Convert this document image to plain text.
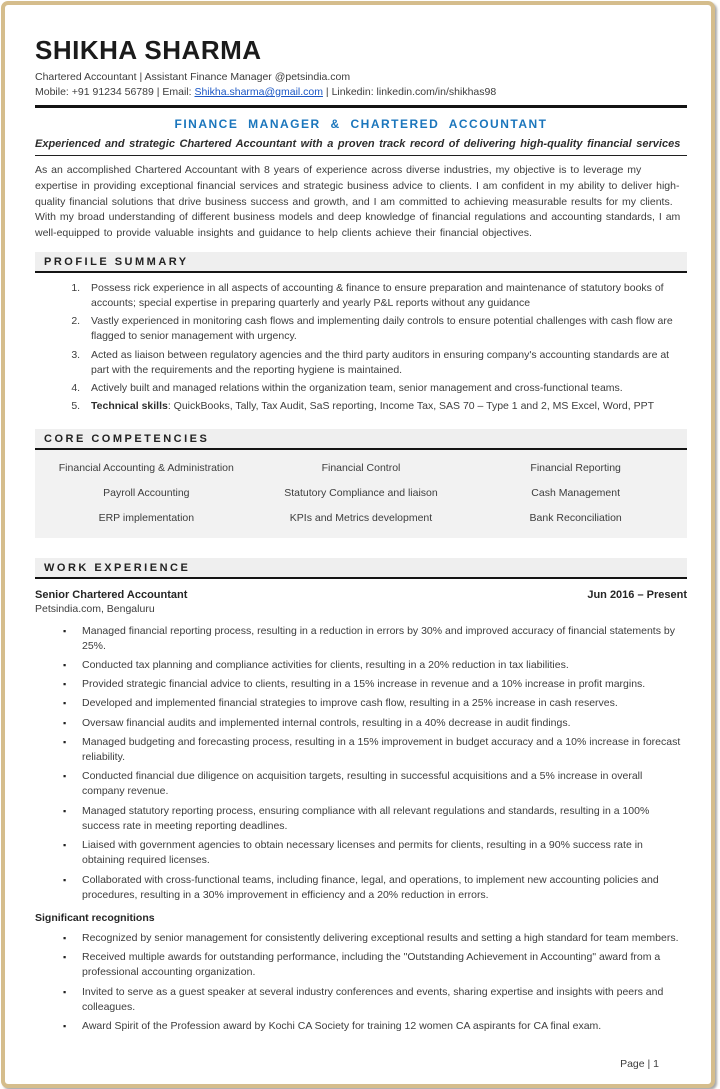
SHIKHA SHARMA
Chartered Accountant | Assistant Finance Manager @petsindia.com
Mobile: +91 91234 56789 | Email: Shikha.sharma@gmail.com | Linkedin: linkedin.com/in/shikhas98
FINANCE MANAGER & CHARTERED ACCOUNTANT
Experienced and strategic Chartered Accountant with a proven track record of delivering high-quality financial services

As an accomplished Chartered Accountant with 8 years of experience across diverse industries, my objective is to leverage my expertise in providing exceptional financial services and strategic business advice to clients. I am confident in my ability to deliver high-quality financial solutions that drive business success and growth, and I am committed to achieving measurable results for my clients. With my broad understanding of different business models and deep knowledge of financial regulations and accounting standards, I am well-equipped to provide valuable insights and guidance to help clients achieve their financial objectives.

PROFILE SUMMARY
1. Possess rick experience in all aspects of accounting & finance to ensure preparation and maintenance of statutory books of accounts; special expertise in preparing quarterly and yearly P&L reports without any guidance
2. Vastly experienced in monitoring cash flows and implementing daily controls to ensure potential challenges with cash flow are flagged to senior management with urgency.
3. Acted as liaison between regulatory agencies and the third party auditors in ensuring company's accounting standards are at part with the requirements and the reporting hygiene is maintained.
4. Actively built and managed relations within the organization team, senior management and cross-functional teams.
5. Technical skills: QuickBooks, Tally, Tax Audit, SaS reporting, Income Tax, SAS 70 – Type 1 and 2, MS Excel, Word, PPT
CORE COMPETENCIES
Financial Accounting & Administration	Financial Control	Financial Reporting
Payroll Accounting	Statutory Compliance and liaison	Cash Management
ERP implementation	KPIs and Metrics development	Bank Reconciliation
WORK EXPERIENCE
Senior Chartered Accountant	Jun 2016 – Present
Petsindia.com, Bengaluru
▪ Managed financial reporting process, resulting in a reduction in errors by 30% and improved accuracy of financial statements by 25%.
▪ Conducted tax planning and compliance activities for clients, resulting in a 20% reduction in tax liabilities.
▪ Provided strategic financial advice to clients, resulting in a 15% increase in revenue and a 10% increase in profit margins.
▪ Developed and implemented financial strategies to improve cash flow, resulting in a 25% increase in cash reserves.
▪ Oversaw financial audits and implemented internal controls, resulting in a 40% decrease in audit findings.
▪ Managed budgeting and forecasting process, resulting in a 15% improvement in budget accuracy and a 10% increase in forecast reliability.
▪ Conducted financial due diligence on acquisition targets, resulting in successful acquisitions and a 5% increase in overall company revenue.
▪ Managed statutory reporting process, ensuring compliance with all relevant regulations and standards, resulting in a 100% success rate in meeting reporting deadlines.
▪ Liaised with government agencies to obtain necessary licenses and permits for clients, resulting in a 90% success rate in obtaining required licenses.
▪ Collaborated with cross-functional teams, including finance, legal, and operations, to implement new accounting policies and procedures, resulting in a 30% improvement in efficiency and a 20% reduction in errors.
Significant recognitions
▪ Recognized by senior management for consistently delivering exceptional results and setting a high standard for team members.
▪ Received multiple awards for outstanding performance, including the "Outstanding Achievement in Accounting" award from a professional accounting organization.
▪ Invited to serve as a guest speaker at several industry conferences and events, sharing expertise and insights with peers and colleagues.
▪ Award Spirit of the Profession award by Kochi CA Society for training 12 women CA aspirants for CA final exam.
Page | 1
